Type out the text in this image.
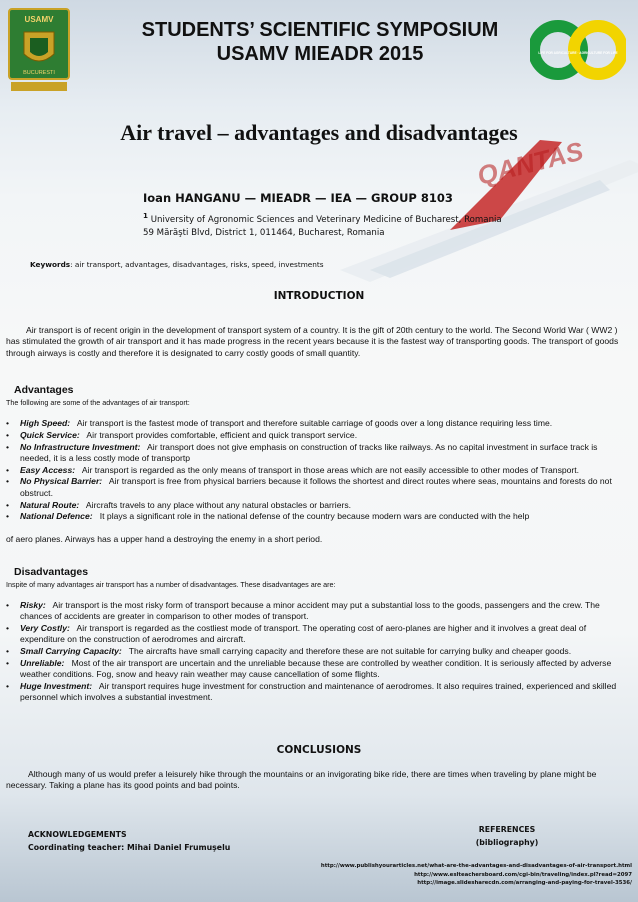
QANTAS
USAMV
BUCURESTI
STUDENTS’ SCIENTIFIC SYMPOSIUM
USAMV MIEADR 2015	LIFE FOR AGRICULTURE · AGRICULTURE FOR LIFE
Air travel – advantages and disadvantages
Ioan HANGANU — MIEADR — IEA — GROUP 8103
$^1$ University of Agronomic Sciences and Veterinary Medicine of Bucharest, Romania
59 Mărăşti Blvd, District 1, 011464, Bucharest, Romania
Keywords: air transport, advantages, disadvantages, risks, speed, investments
INTRODUCTION
Air transport is of recent origin in the development of transport system of a country. It is the gift of 20th century to the world. The Second World War ( WW2 ) has stimulated the growth of air transport and it has made progress in the recent years because it is the fastest way of transporting goods. The transport of goods through airways is costly and therefore it is designated to carry costly goods of small quantity.
Advantages
The following are some of the advantages of air transport:
• High Speed: Air transport is the fastest mode of transport and therefore suitable carriage of goods over a long distance requiring less time.
• Quick Service: Air transport provides comfortable, efficient and quick transport service.
• No Infrastructure Investment: Air transport does not give emphasis on construction of tracks like railways. As no capital investment in surface track is needed, it is a less costly mode of transportp
• Easy Access: Air transport is regarded as the only means of transport in those areas which are not easily accessible to other modes of Transport.
• No Physical Barrier: Air transport is free from physical barriers because it follows the shortest and direct routes where seas, mountains and forests do not obstruct.
• Natural Route: Aircrafts travels to any place without any natural obstacles or barriers.
• National Defence: It plays a significant role in the national defense of the country because modern wars are conducted with the help
of aero planes. Airways has a upper hand a destroying the enemy in a short period.
Disadvantages
Inspite of many advantages air transport has a number of disadvantages. These disadvantages are are:
• Risky: Air transport is the most risky form of transport because a minor accident may put a substantial loss to the goods, passengers and the crew. The chances of accidents are greater in comparison to other modes of transport.
• Very Costly: Air transport is regarded as the costliest mode of transport. The operating cost of aero-planes are higher and it involves a great deal of expenditure on the construction of aerodromes and aircraft.
• Small Carrying Capacity: The aircrafts have small carrying capacity and therefore these are not suitable for carrying bulky and cheaper goods.
• Unreliable: Most of the air transport are uncertain and the unreliable because these are controlled by weather condition. It is seriously affected by adverse weather conditions. Fog, snow and heavy rain weather may cause cancellation of some flights.
• Huge Investment: Air transport requires huge investment for construction and maintenance of aerodromes. It also requires trained, experienced and skilled personnel which involves a substantial investment.
CONCLUSIONS
Although many of us would prefer a leisurely hike through the mountains or an invigorating bike ride, there are times when traveling by plane might be necessary. Taking a plane has its good points and bad points.
ACKNOWLEDGEMENTS
Coordinating teacher: Mihai Daniel Frumuşelu
REFERENCES
(bibliography)
http://www.publishyourarticles.net/what-are-the-advantages-and-disadvantages-of-air-transport.html
http://www.eslteachersboard.com/cgi-bin/traveling/index.pl?read=2097
http://image.slidesharecdn.com/arranging-and-paying-for-travel-3536/
